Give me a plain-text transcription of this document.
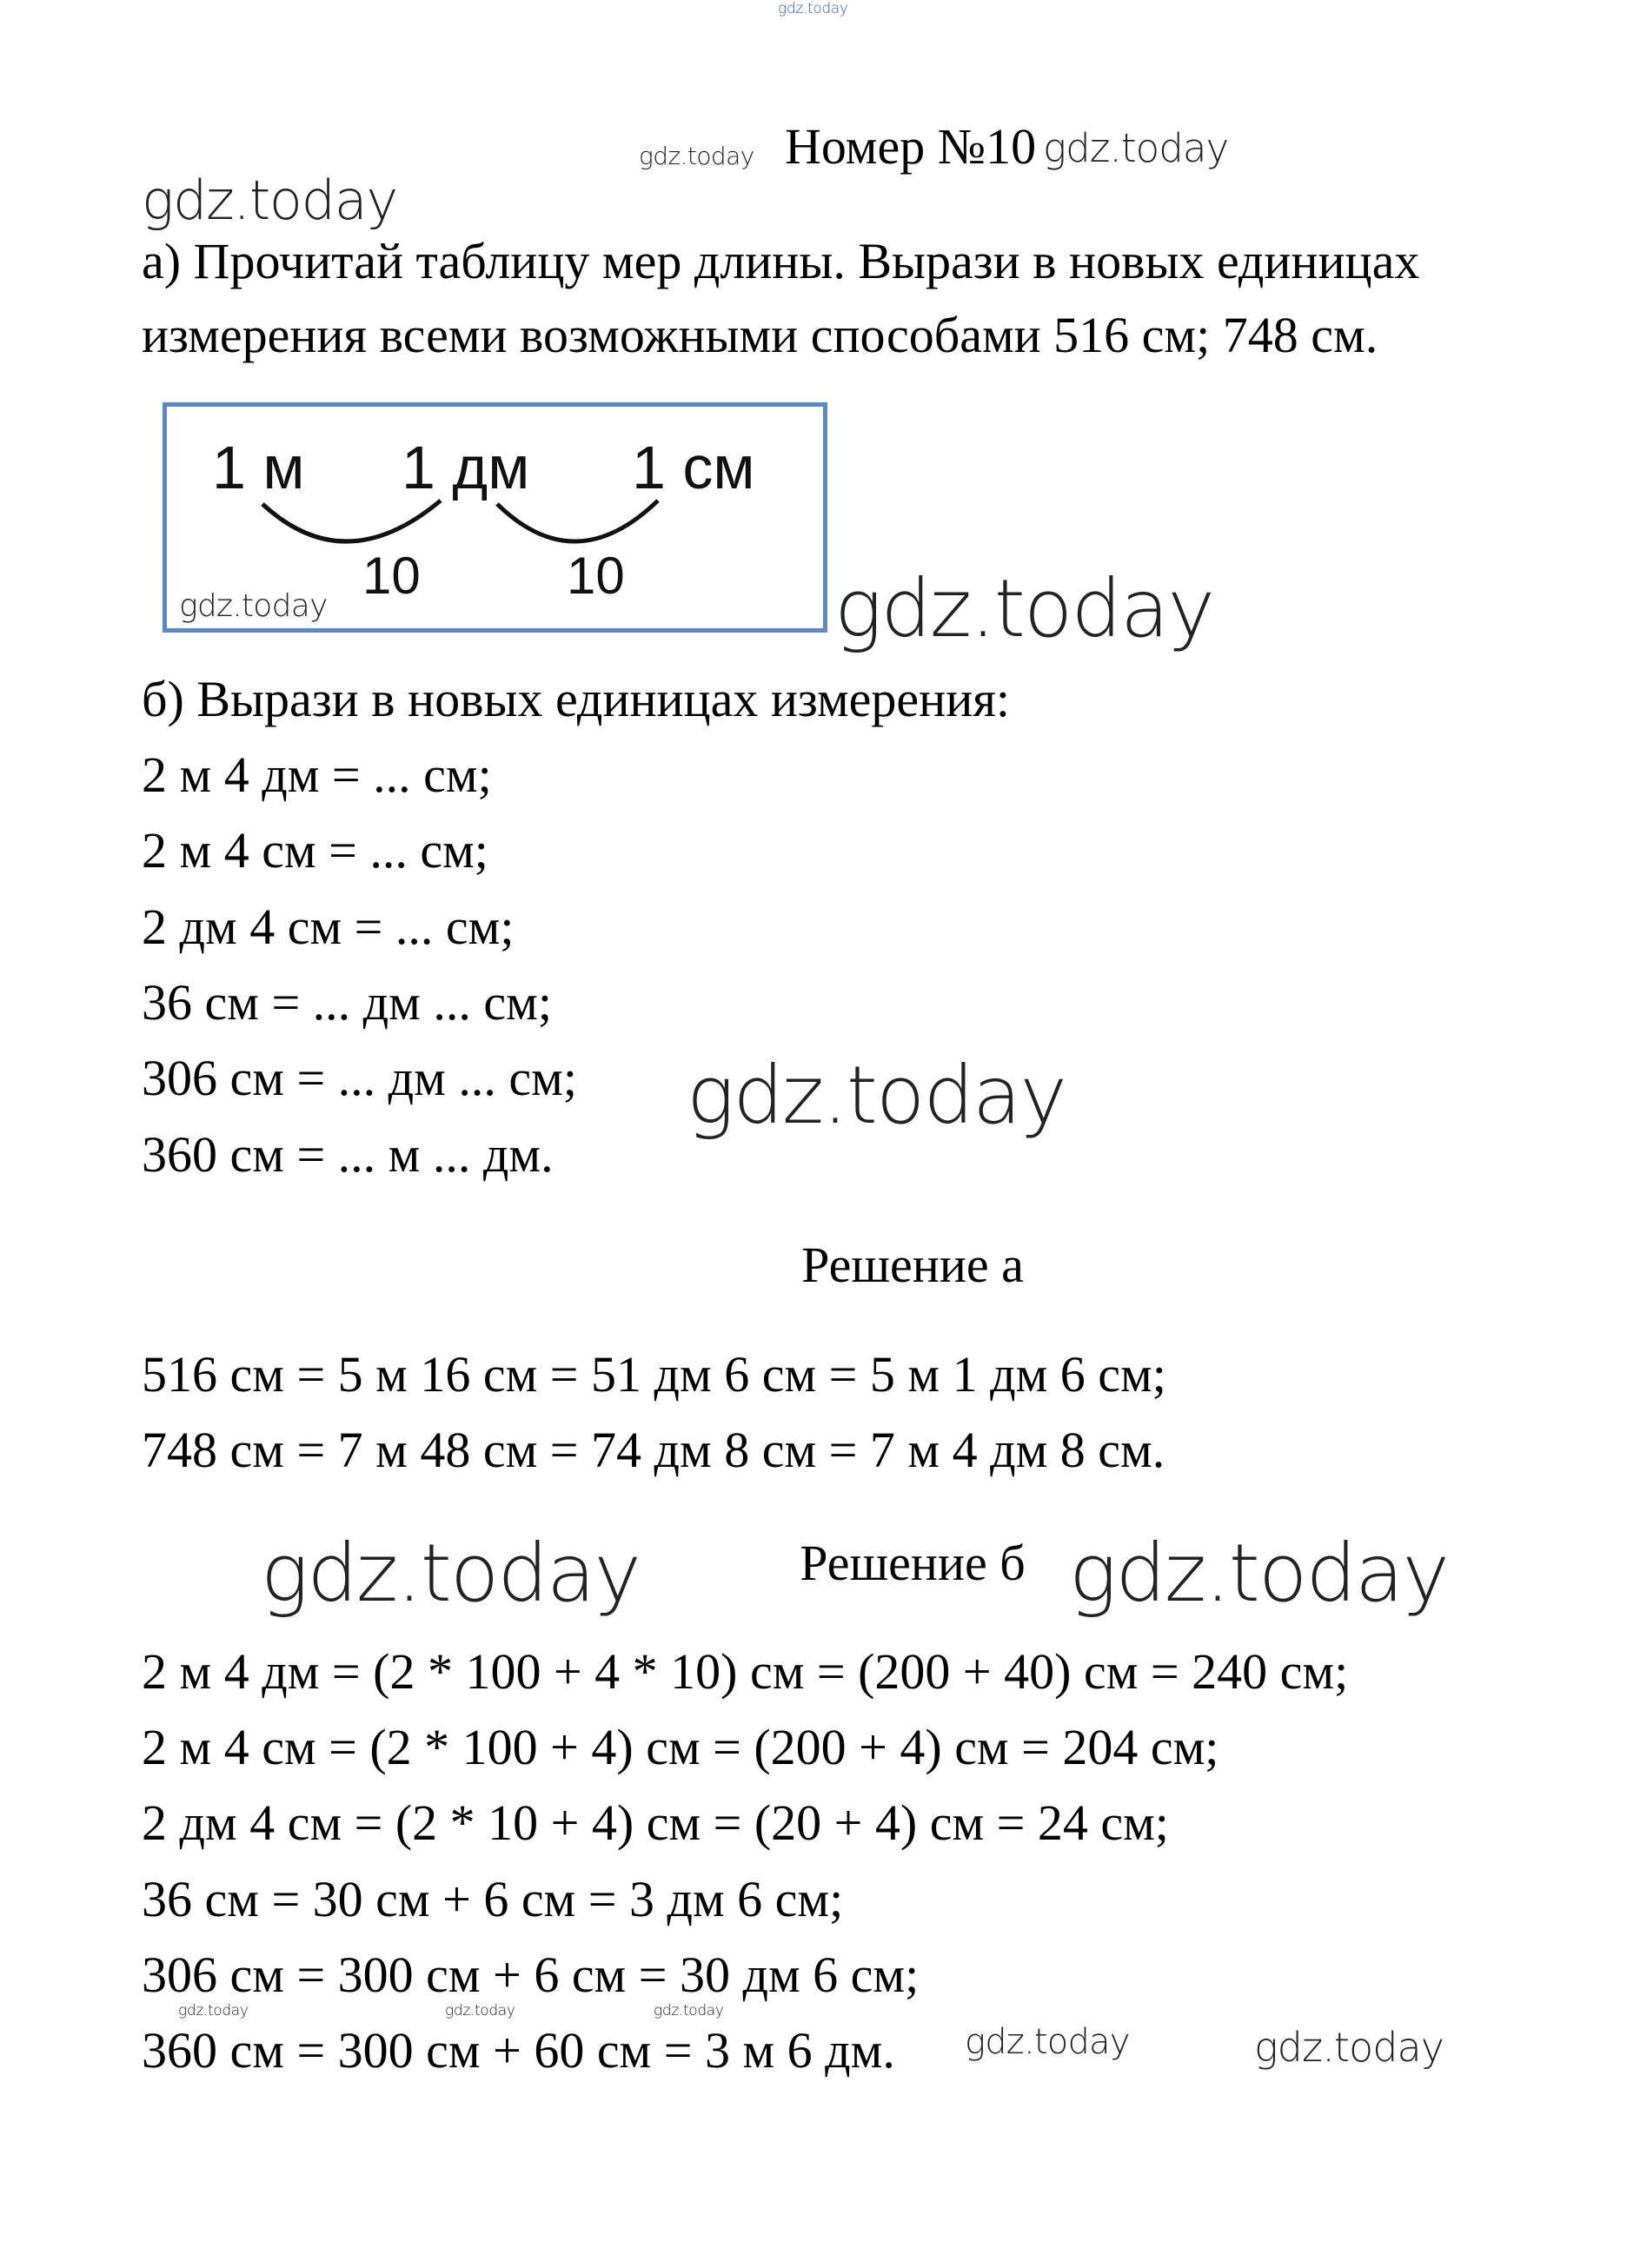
gdz.today
gdz.today Номер №10 gdz.today
gdz.today
а) Прочитай таблицу мер длины. Вырази в новых единицах
измерения всеми возможными способами 516 см; 748 см.
1 м 1 дм 1 см
10	10
gdz.today	gdz.today
б) Вырази в новых единицах измерения:
2 м 4 дм = ... см;
2 м 4 см = ... см;
2 дм 4 см = ... см;
36 см = ... дм ... см;
306 см = ... дм ... см;
360 см = ... м ... дм.
gdz.today
Решение а
516 см = 5 м 16 см = 51 дм 6 см = 5 м 1 дм 6 см;
748 см = 7 м 48 см = 74 дм 8 см = 7 м 4 дм 8 см.
gdz.today	Решение б gdz.today
2 м 4 дм = (2 * 100 + 4 * 10) см = (200 + 40) см = 240 см;
2 м 4 см = (2 * 100 + 4) см = (200 + 4) см = 204 см;
2 дм 4 см = (2 * 10 + 4) см = (20 + 4) см = 24 см;
36 см = 30 см + 6 см = 3 дм 6 см;
306 см = 300 см + 6 см = 30 дм 6 см;
gdz.today	gdz.today	gdz.today
360 см = 300 см + 60 см = 3 м 6 дм. gdz.today	gdz.today
